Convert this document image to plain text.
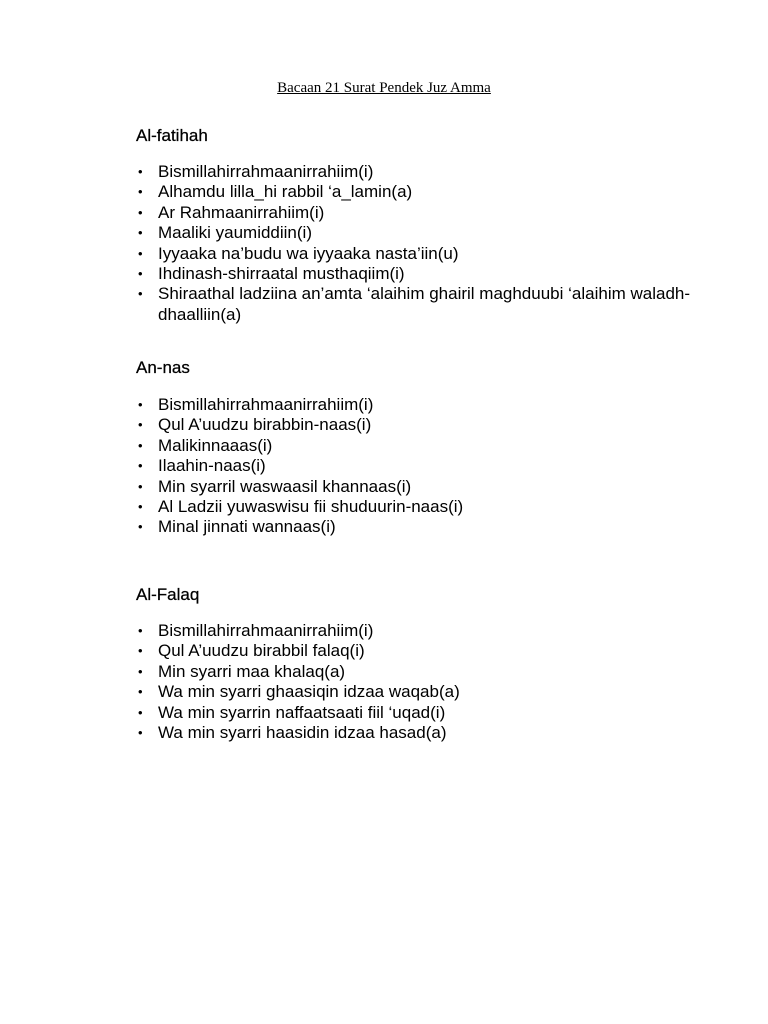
Bacaan 21 Surat Pendek Juz Amma
Al-fatihah
• Bismillahirrahmaanirrahiim(i)
• Alhamdu lilla_hi rabbil ‘a_lamin(a)
• Ar Rahmaanirrahiim(i)
• Maaliki yaumiddiin(i)
• Iyyaaka na’budu wa iyyaaka nasta’iin(u)
• Ihdinash-shirraatal musthaqiim(i)
• Shiraathal ladziina an’amta ‘alaihim ghairil maghduubi ‘alaihim waladh-dhaalliin(a)
An-nas
• Bismillahirrahmaanirrahiim(i)
• Qul A’uudzu birabbin-naas(i)
• Malikinnaaas(i)
• Ilaahin-naas(i)
• Min syarril waswaasil khannaas(i)
• Al Ladzii yuwaswisu fii shuduurin-naas(i)
• Minal jinnati wannaas(i)
Al-Falaq
• Bismillahirrahmaanirrahiim(i)
• Qul A’uudzu birabbil falaq(i)
• Min syarri maa khalaq(a)
• Wa min syarri ghaasiqin idzaa waqab(a)
• Wa min syarrin naffaatsaati fiil ‘uqad(i)
• Wa min syarri haasidin idzaa hasad(a)
